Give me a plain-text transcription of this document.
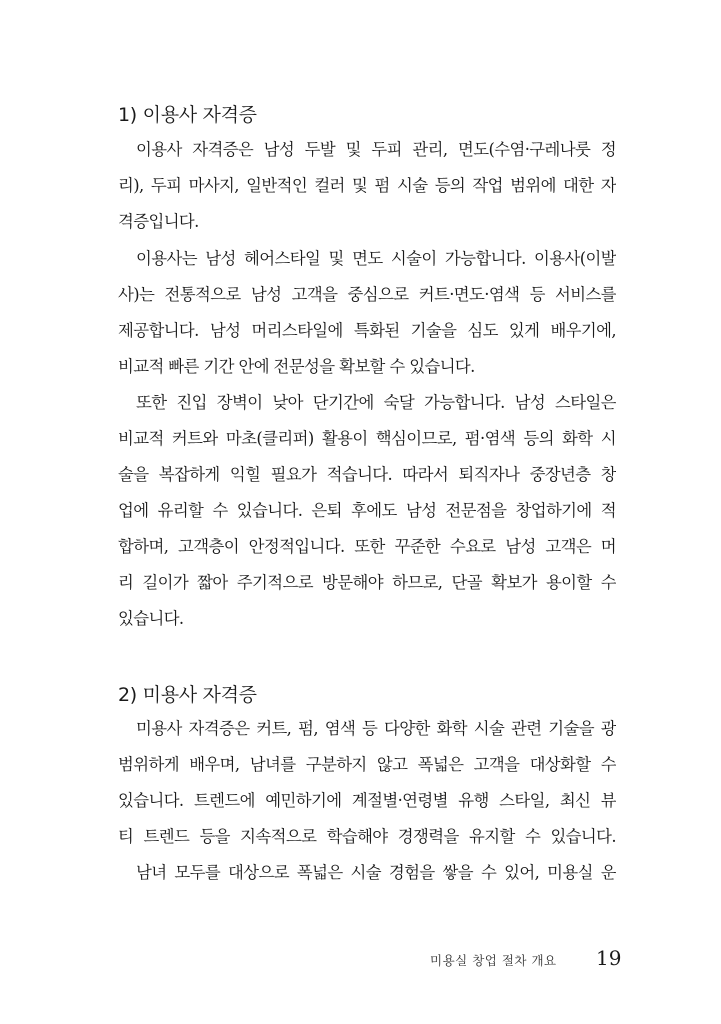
1) 이용사 자격증
이용사 자격증은 남성 두발 및 두피 관리, 면도(수염·구레나룻 정
리), 두피 마사지, 일반적인 컬러 및 펌 시술 등의 작업 범위에 대한 자
격증입니다.
이용사는 남성 헤어스타일 및 면도 시술이 가능합니다. 이용사(이발
사)는 전통적으로 남성 고객을 중심으로 커트·면도·염색 등 서비스를
제공합니다. 남성 머리스타일에 특화된 기술을 심도 있게 배우기에,
비교적 빠른 기간 안에 전문성을 확보할 수 있습니다.
또한 진입 장벽이 낮아 단기간에 숙달 가능합니다. 남성 스타일은
비교적 커트와 마초(클리퍼) 활용이 핵심이므로, 펌·염색 등의 화학 시
술을 복잡하게 익힐 필요가 적습니다. 따라서 퇴직자나 중장년층 창
업에 유리할 수 있습니다. 은퇴 후에도 남성 전문점을 창업하기에 적
합하며, 고객층이 안정적입니다. 또한 꾸준한 수요로 남성 고객은 머
리 길이가 짧아 주기적으로 방문해야 하므로, 단골 확보가 용이할 수
있습니다.
2) 미용사 자격증
미용사 자격증은 커트, 펌, 염색 등 다양한 화학 시술 관련 기술을 광
범위하게 배우며, 남녀를 구분하지 않고 폭넓은 고객을 대상화할 수
있습니다. 트렌드에 예민하기에 계절별·연령별 유행 스타일, 최신 뷰
티 트렌드 등을 지속적으로 학습해야 경쟁력을 유지할 수 있습니다.
남녀 모두를 대상으로 폭넓은 시술 경험을 쌓을 수 있어, 미용실 운
미용실 창업 절차 개요 19
